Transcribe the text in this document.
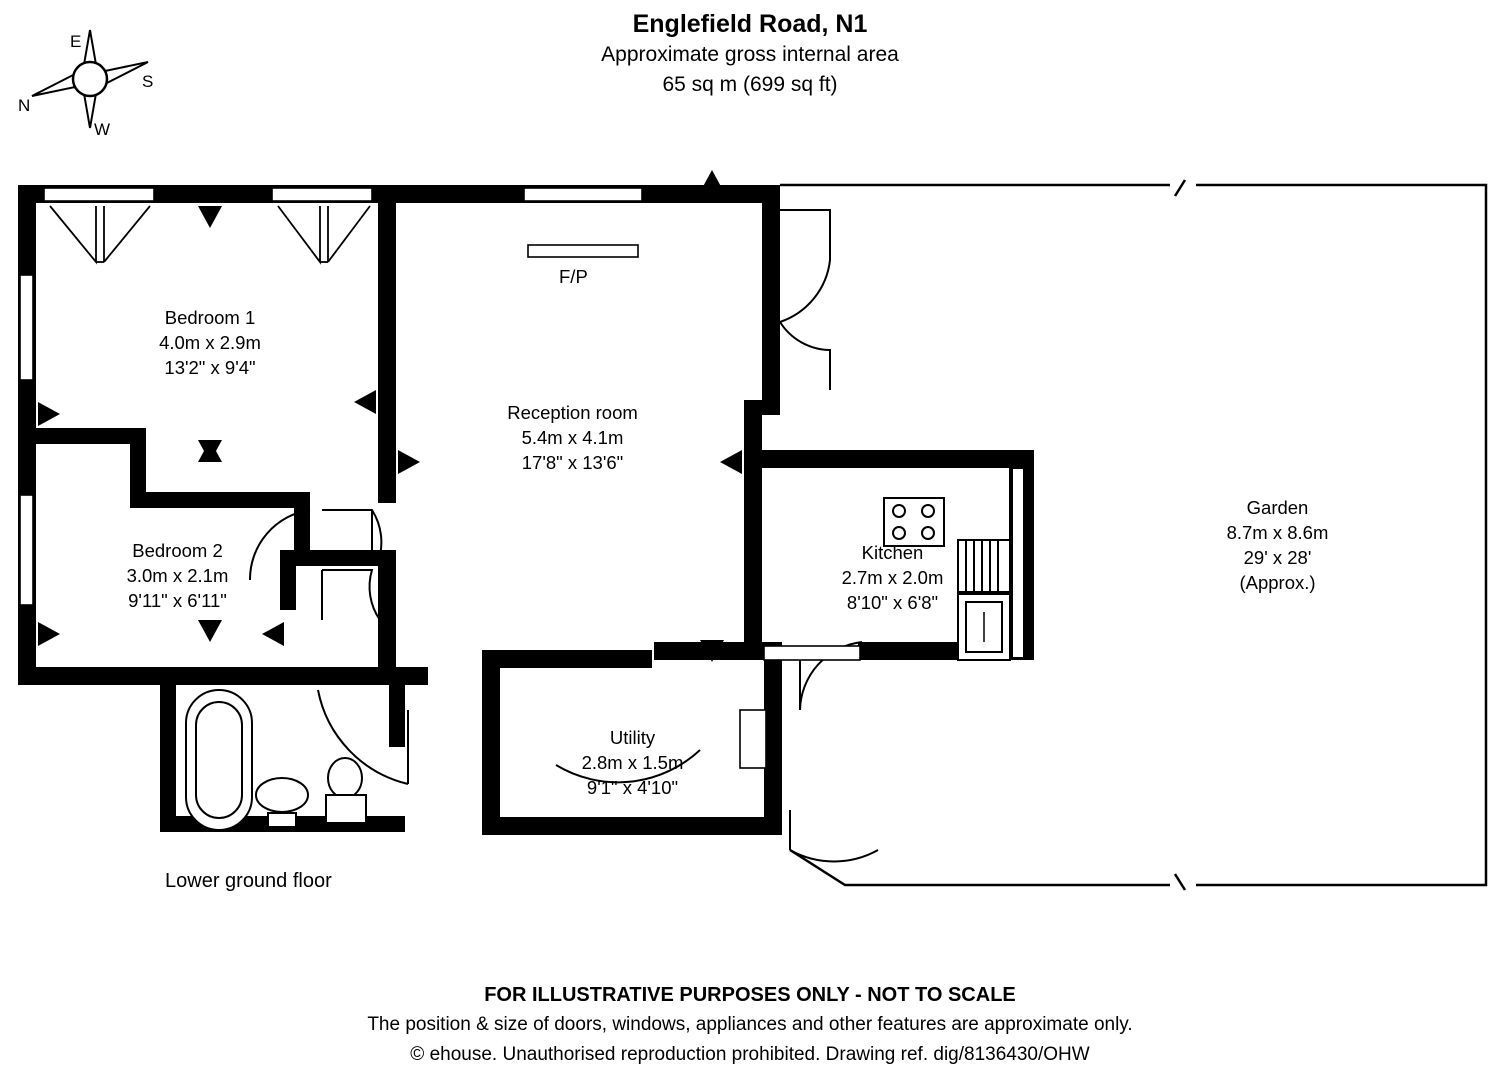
Englefield Road, N1
Approximate gross internal area
65 sq m (699 sq ft)
E
S
N
W
Bedroom 1
4.0m x 2.9m
13'2" x 9'4"
Bedroom 2
3.0m x 2.1m
9'11" x 6'11"
Reception room
5.4m x 4.1m
17'8" x 13'6"
Kitchen
2.7m x 2.0m
8'10" x 6'8"
Utility
2.8m x 1.5m
9'1" x 4'10"
Garden
8.7m x 8.6m
29' x 28'
(Approx.)
F/P
Lower ground floor
FOR ILLUSTRATIVE PURPOSES ONLY - NOT TO SCALE
The position & size of doors, windows, appliances and other features are approximate only.
© ehouse. Unauthorised reproduction prohibited. Drawing ref. dig/8136430/OHW
